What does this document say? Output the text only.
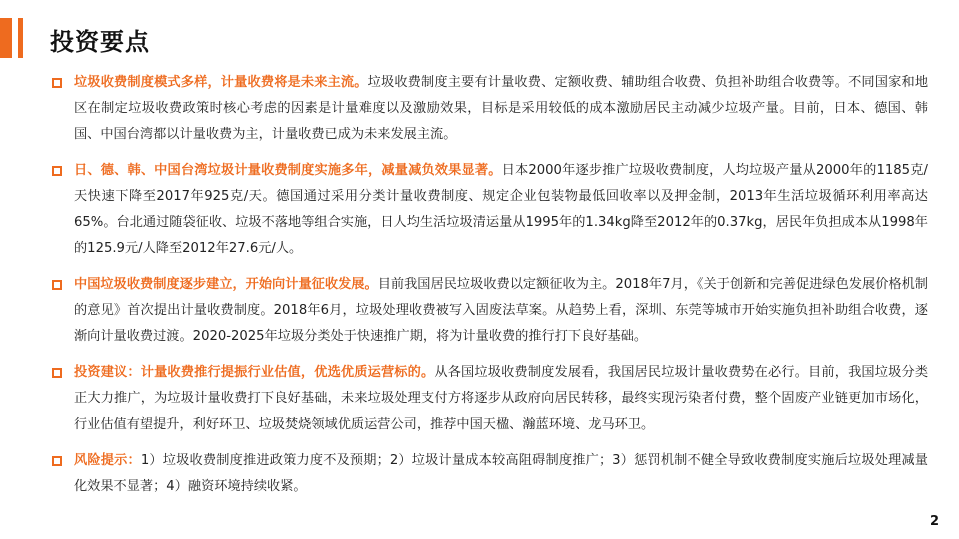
投资要点
垃圾收费制度模式多样，计量收费将是未来主流。垃圾收费制度主要有计量收费、定额收费、辅助组合收费、负担补助组合收费等。不同国家和地区在制定垃圾收费政策时核心考虑的因素是计量难度以及激励效果，目标是采用较低的成本激励居民主动减少垃圾产量。目前，日本、德国、韩国、中国台湾都以计量收费为主，计量收费已成为未来发展主流。
日、德、韩、中国台湾垃圾计量收费制度实施多年，减量减负效果显著。日本2000年逐步推广垃圾收费制度，人均垃圾产量从2000年的1185克/天快速下降至2017年925克/天。德国通过采用分类计量收费制度、规定企业包装物最低回收率以及押金制，2013年生活垃圾循环利用率高达65%。台北通过随袋征收、垃圾不落地等组合实施，日人均生活垃圾清运量从1995年的1.34kg降至2012年的0.37kg，居民年负担成本从1998年的125.9元/人降至2012年27.6元/人。
中国垃圾收费制度逐步建立，开始向计量征收发展。目前我国居民垃圾收费以定额征收为主。2018年7月，《关于创新和完善促进绿色发展价格机制的意见》首次提出计量收费制度。2018年6月，垃圾处理收费被写入固废法草案。从趋势上看，深圳、东莞等城市开始实施负担补助组合收费，逐渐向计量收费过渡。2020-2025年垃圾分类处于快速推广期，将为计量收费的推行打下良好基础。
投资建议：计量收费推行提振行业估值，优选优质运营标的。从各国垃圾收费制度发展看，我国居民垃圾计量收费势在必行。目前，我国垃圾分类正大力推广，为垃圾计量收费打下良好基础，未来垃圾处理支付方将逐步从政府向居民转移，最终实现污染者付费，整个固废产业链更加市场化，行业估值有望提升，利好环卫、垃圾焚烧领域优质运营公司，推荐中国天楹、瀚蓝环境、龙马环卫。
风险提示：1）垃圾收费制度推进政策力度不及预期；2）垃圾计量成本较高阻碍制度推广；3）惩罚机制不健全导致收费制度实施后垃圾处理减量化效果不显著；4）融资环境持续收紧。
2
